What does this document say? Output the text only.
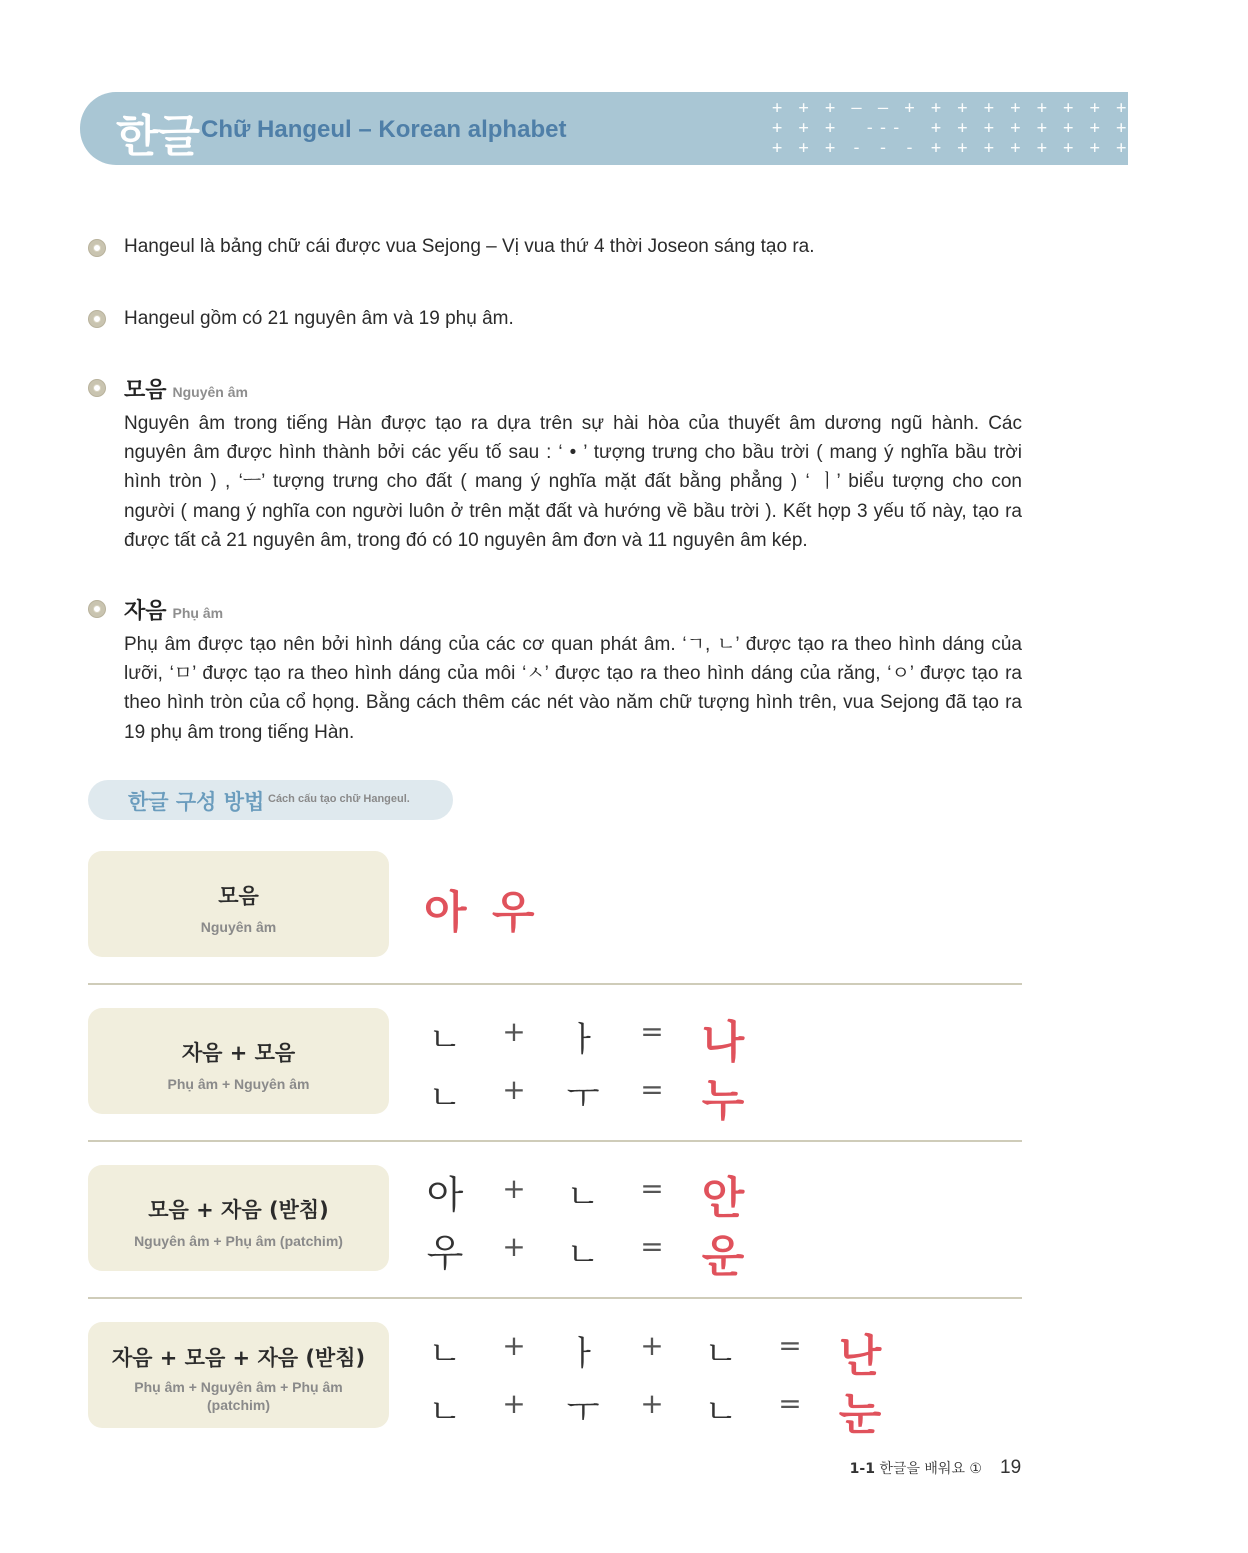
한글 Chữ Hangeul – Korean alphabet
+ + + — — + + + + + + + + + — + +
+ + +  ---  + + + + + + + +  --- + +
+ + + - - - + + + + + + + + - - + +
Hangeul là bảng chữ cái được vua Sejong – Vị vua thứ 4 thời Joseon sáng tạo ra.
Hangeul gồm có 21 nguyên âm và 19 phụ âm.
모음 Nguyên âm
Nguyên âm trong tiếng Hàn được tạo ra dựa trên sự hài hòa của thuyết âm dương ngũ hành. Các
nguyên âm được hình thành bởi các yếu tố sau : ‘ • ’ tượng trưng cho bầu trời ( mang ý nghĩa bầu trời
hình tròn ) , ‘ㅡ’ tượng trưng cho đất ( mang ý nghĩa mặt đất bằng phẳng ) ‘ ㅣ’ biểu tượng cho con
người ( mang ý nghĩa con người luôn ở trên mặt đất và hướng về bầu trời ). Kết hợp 3 yếu tố này, tạo ra
được tất cả 21 nguyên âm, trong đó có 10 nguyên âm đơn và 11 nguyên âm kép.
자음 Phụ âm
Phụ âm được tạo nên bởi hình dáng của các cơ quan phát âm. ‘ㄱ, ㄴ’ được tạo ra theo hình dáng của
lưỡi, ‘ㅁ’ được tạo ra theo hình dáng của môi ‘ㅅ’ được tạo ra theo hình dáng của răng, ‘ㅇ’ được tạo ra
theo hình tròn của cổ họng. Bằng cách thêm các nét vào năm chữ tượng hình trên, vua Sejong đã tạo ra
19 phụ âm trong tiếng Hàn.
한글 구성 방법 Cách cấu tạo chữ Hangeul.
모음
Nguyên âm	아 우
자음 + 모음
Phụ âm + Nguyên âm
ㄴ	+	ㅏ	= 나
ㄴ	+	ㅜ	= 누
모음 + 자음 (받침)
Nguyên âm + Phụ âm (patchim)
아	+	ㄴ	= 안
우	+	ㄴ	= 운
자음 + 모음 + 자음 (받침)
Phụ âm + Nguyên âm + Phụ âm
(patchim)
ㄴ	+	ㅏ	+	ㄴ	= 난
ㄴ	+	ㅜ	+	ㄴ	= 눈
1-1 한글을 배워요 ① 19
